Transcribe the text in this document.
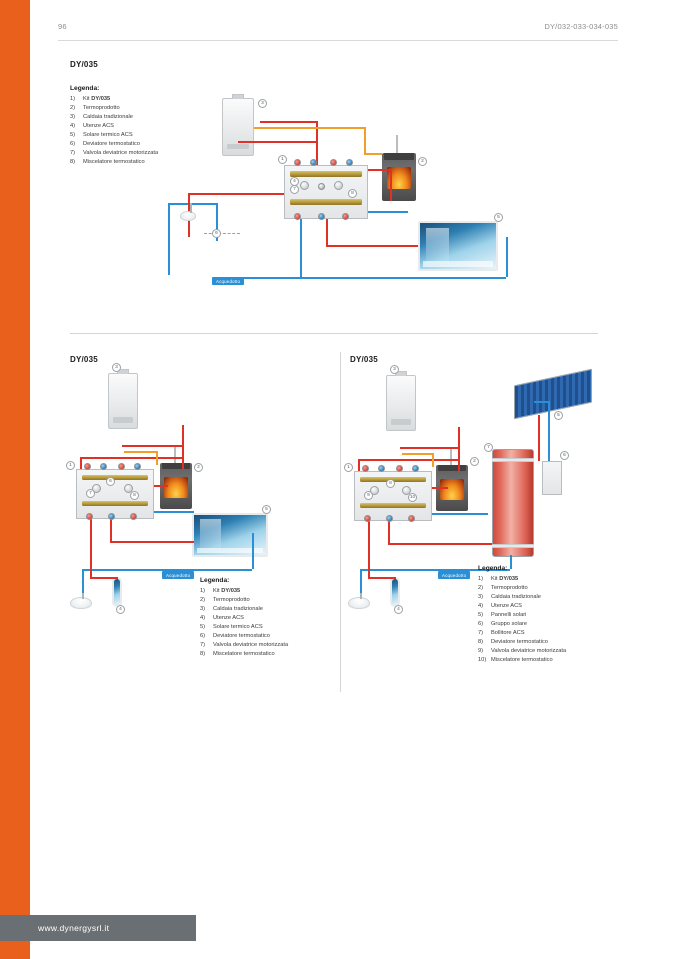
96	DY/032-033-034-035
DY/035
Legenda:
1)	Kit DY/035
2)	Termoprodotto
3)	Caldaia tradizionale
4)	Utenze ACS
5)	Solare termico ACS
6)	Deviatore termostatico
7)	Valvola deviatrice motorizzata
8)	Miscelatore termostatico
3
2
5
1
7
8
6
4
Acquedotto
DY/035
3
2
1
7	8
6
5
4
Acquedotto
Legenda:
1)	Kit DY/035
2)	Termoprodotto
3)	Caldaia tradizionale
4)	Utenze ACS
5)	Solare termico ACS
6)	Deviatore termostatico
7)	Valvola deviatrice motorizzata
8)	Miscelatore termostatico
DY/035
3
5
2
7
6
1
9	10
8
4
Acquedotto
Legenda:
1)	Kit DY/035
2)	Termoprodotto
3)	Caldaia tradizionale
4)	Utenze ACS
5)	Pannelli solari
6)	Gruppo solare
7)	Bollitore ACS
8)	Deviatore termostatico
9)	Valvola deviatrice motorizzata
10) Miscelatore termostatico
www.dynergysrl.it
